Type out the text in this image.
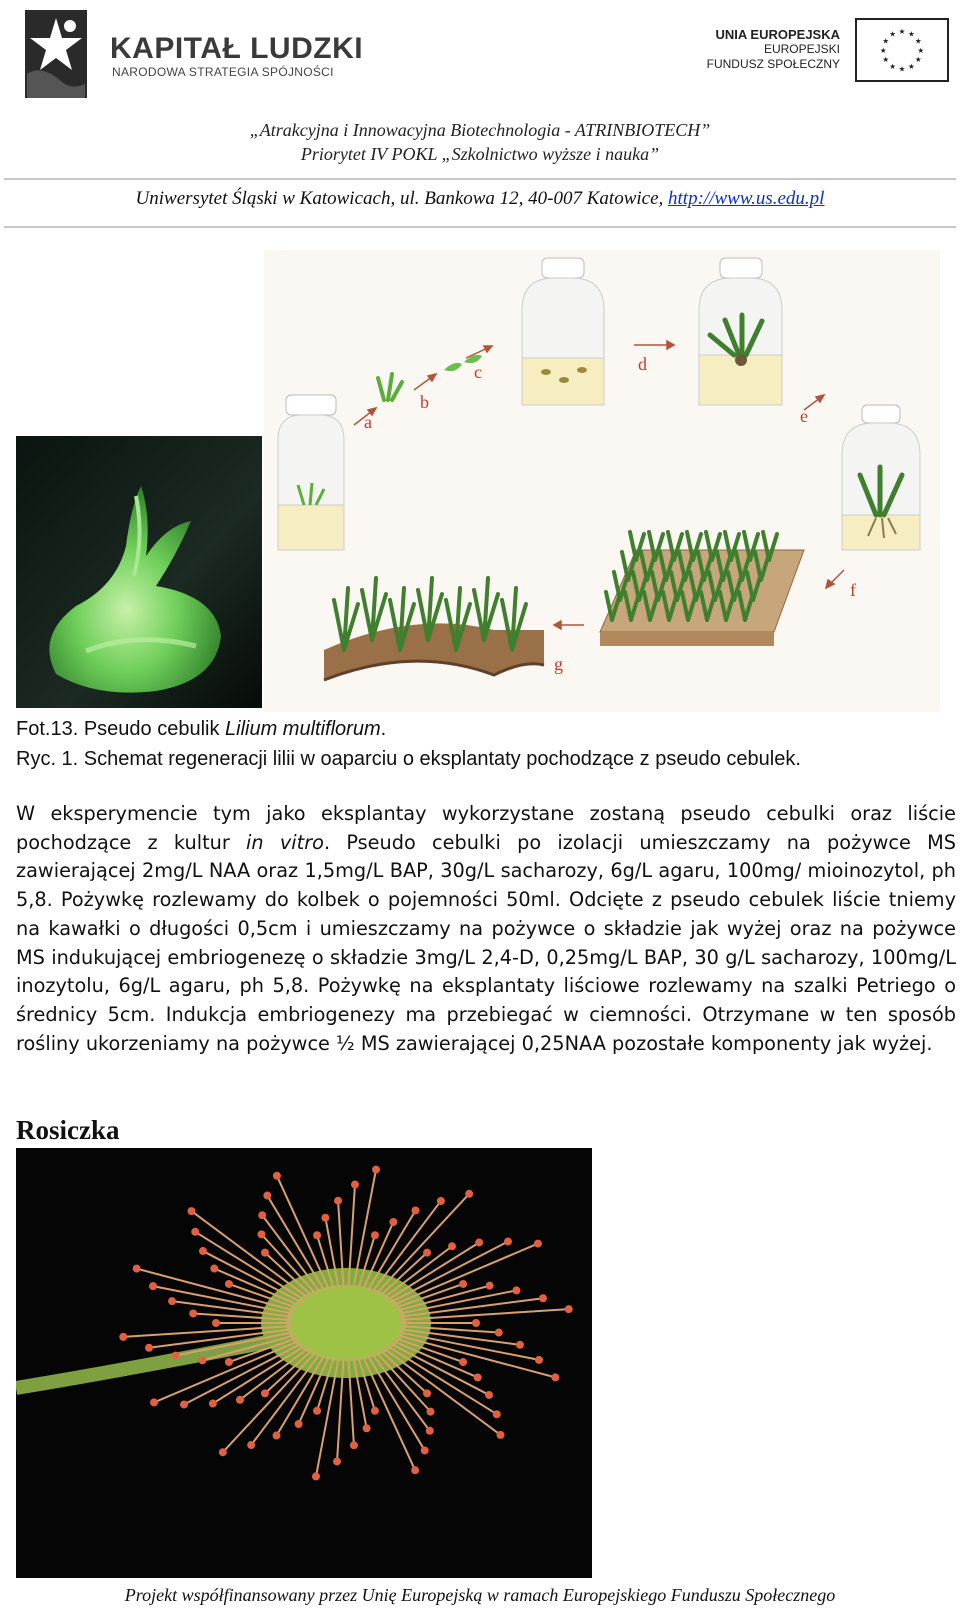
KAPITAŁ LUDZKI
NARODOWA STRATEGIA SPÓJNOŚCI
UNIA EUROPEJSKA
EUROPEJSKI
FUNDUSZ SPOŁECZNY
★
★
★
★
★
★
★
★
★ ★ ★
★
„Atrakcyjna i Innowacyjna Biotechnologia - ATRINBIOTECH”
Priorytet IV POKL „Szkolnictwo wyższe i nauka”
Uniwersytet Śląski w Katowicach, ul. Bankowa 12, 40-007 Katowice, http://www.us.edu.pl
a
b
c	d
e
f
g
Fot.13. Pseudo cebulik Lilium multiflorum.
Ryc. 1. Schemat regeneracji lilii w oaparciu o eksplantaty pochodzące z pseudo cebulek.
W eksperymencie tym jako eksplantay wykorzystane zostaną pseudo cebulki oraz liście pochodzące z kultur in vitro. Pseudo cebulki po izolacji umieszczamy na pożywce MS zawierającej 2mg/L NAA oraz 1,5mg/L BAP, 30g/L sacharozy, 6g/L agaru, 100mg/ mioinozytol, ph 5,8. Pożywkę rozlewamy do kolbek o pojemności 50ml. Odcięte z pseudo cebulek liście tniemy na kawałki o długości 0,5cm i umieszczamy na pożywce o składzie jak wyżej oraz na pożywce MS indukującej embriogenezę o składzie 3mg/L 2,4-D, 0,25mg/L BAP, 30 g/L sacharozy, 100mg/L inozytolu, 6g/L agaru, ph 5,8. Pożywkę na eksplantaty liściowe rozlewamy na szalki Petriego o średnicy 5cm. Indukcja embriogenezy ma przebiegać w ciemności. Otrzymane w ten sposób rośliny ukorzeniamy na pożywce ½ MS zawierającej 0,25NAA pozostałe komponenty jak wyżej.
Rosiczka
Projekt współfinansowany przez Unię Europejską w ramach Europejskiego Funduszu Społecznego
